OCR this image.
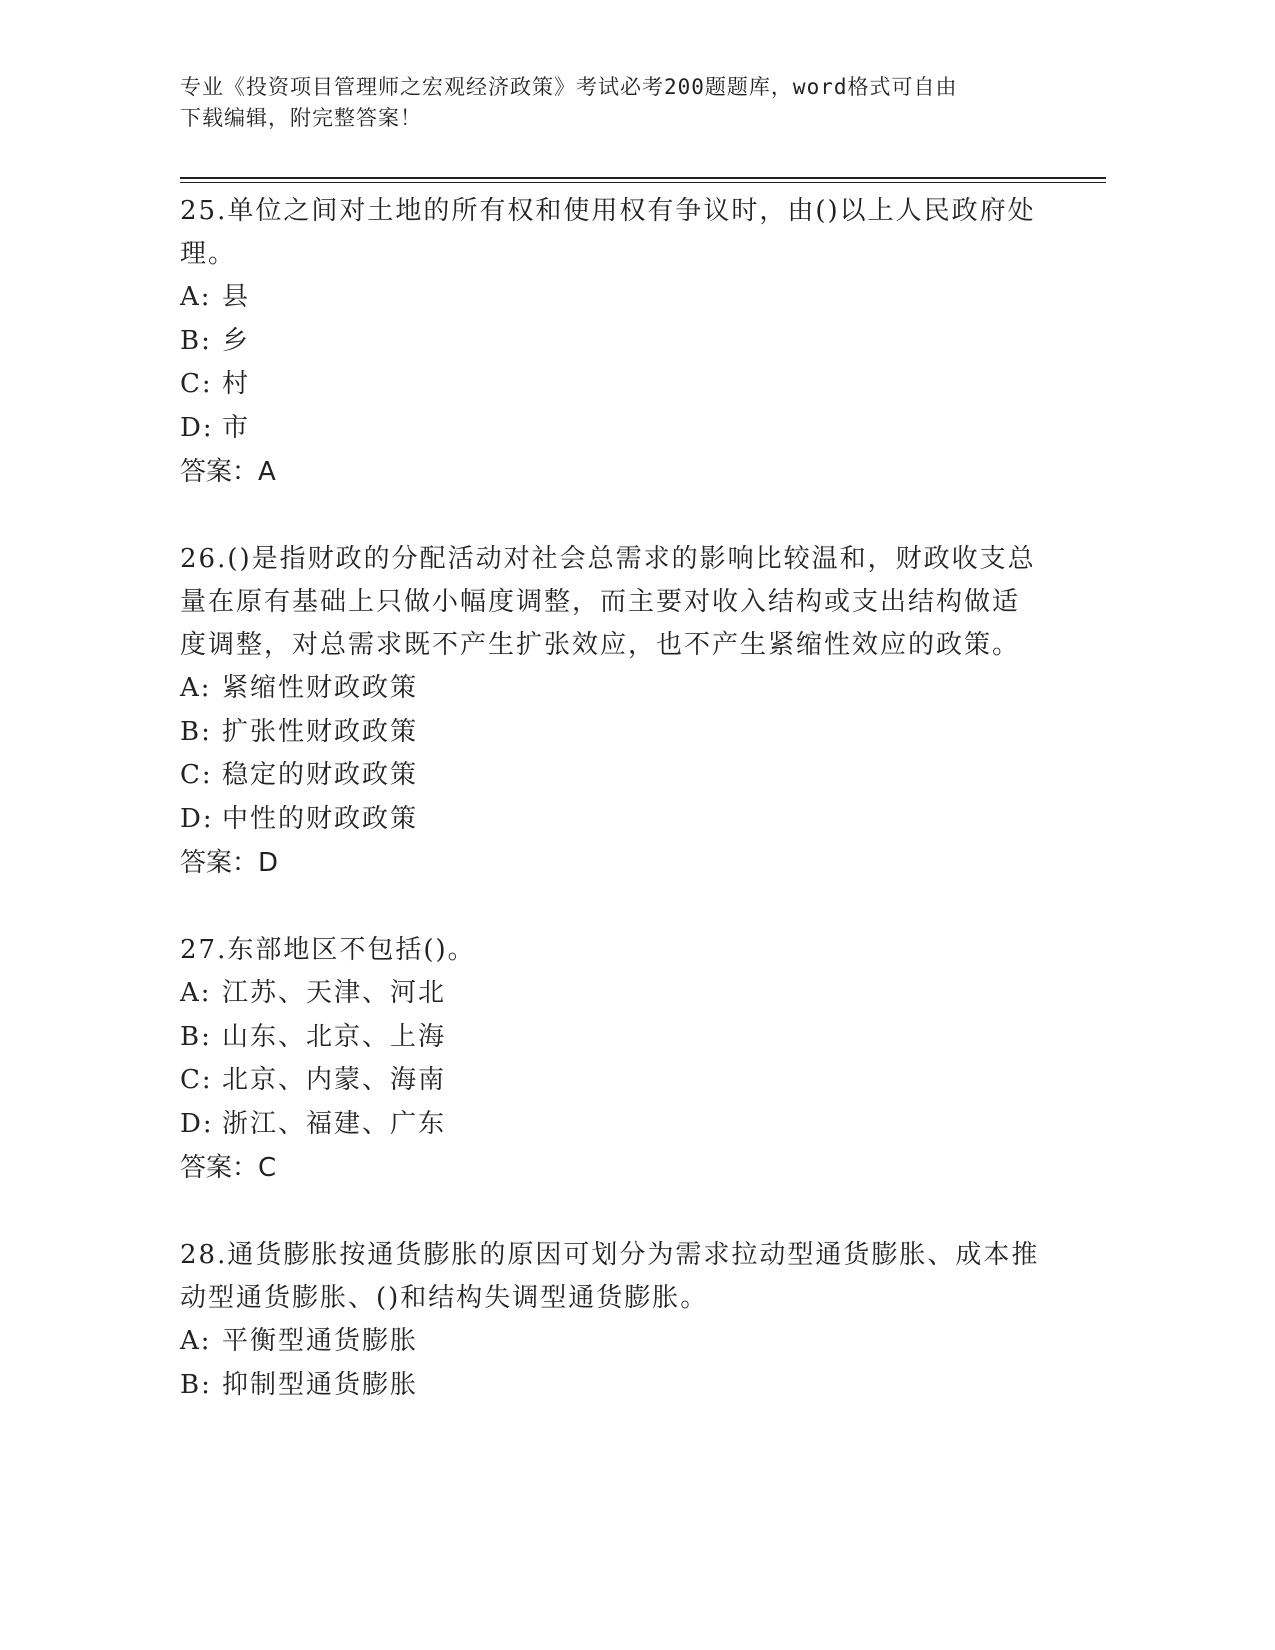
专业《投资项目管理师之宏观经济政策》考试必考200题题库，word格式可自由
下载编辑，附完整答案！
25.单位之间对土地的所有权和使用权有争议时，由()以上人民政府处
理。
A: 县
B: 乡
C: 村
D: 市
答案：A
26.()是指财政的分配活动对社会总需求的影响比较温和，财政收支总
量在原有基础上只做小幅度调整，而主要对收入结构或支出结构做适
度调整，对总需求既不产生扩张效应，也不产生紧缩性效应的政策。
A: 紧缩性财政政策
B: 扩张性财政政策
C: 稳定的财政政策
D: 中性的财政政策
答案：D
27.东部地区不包括()。
A: 江苏、天津、河北
B: 山东、北京、上海
C: 北京、内蒙、海南
D: 浙江、福建、广东
答案：C
28.通货膨胀按通货膨胀的原因可划分为需求拉动型通货膨胀、成本推
动型通货膨胀、()和结构失调型通货膨胀。
A: 平衡型通货膨胀
B: 抑制型通货膨胀
